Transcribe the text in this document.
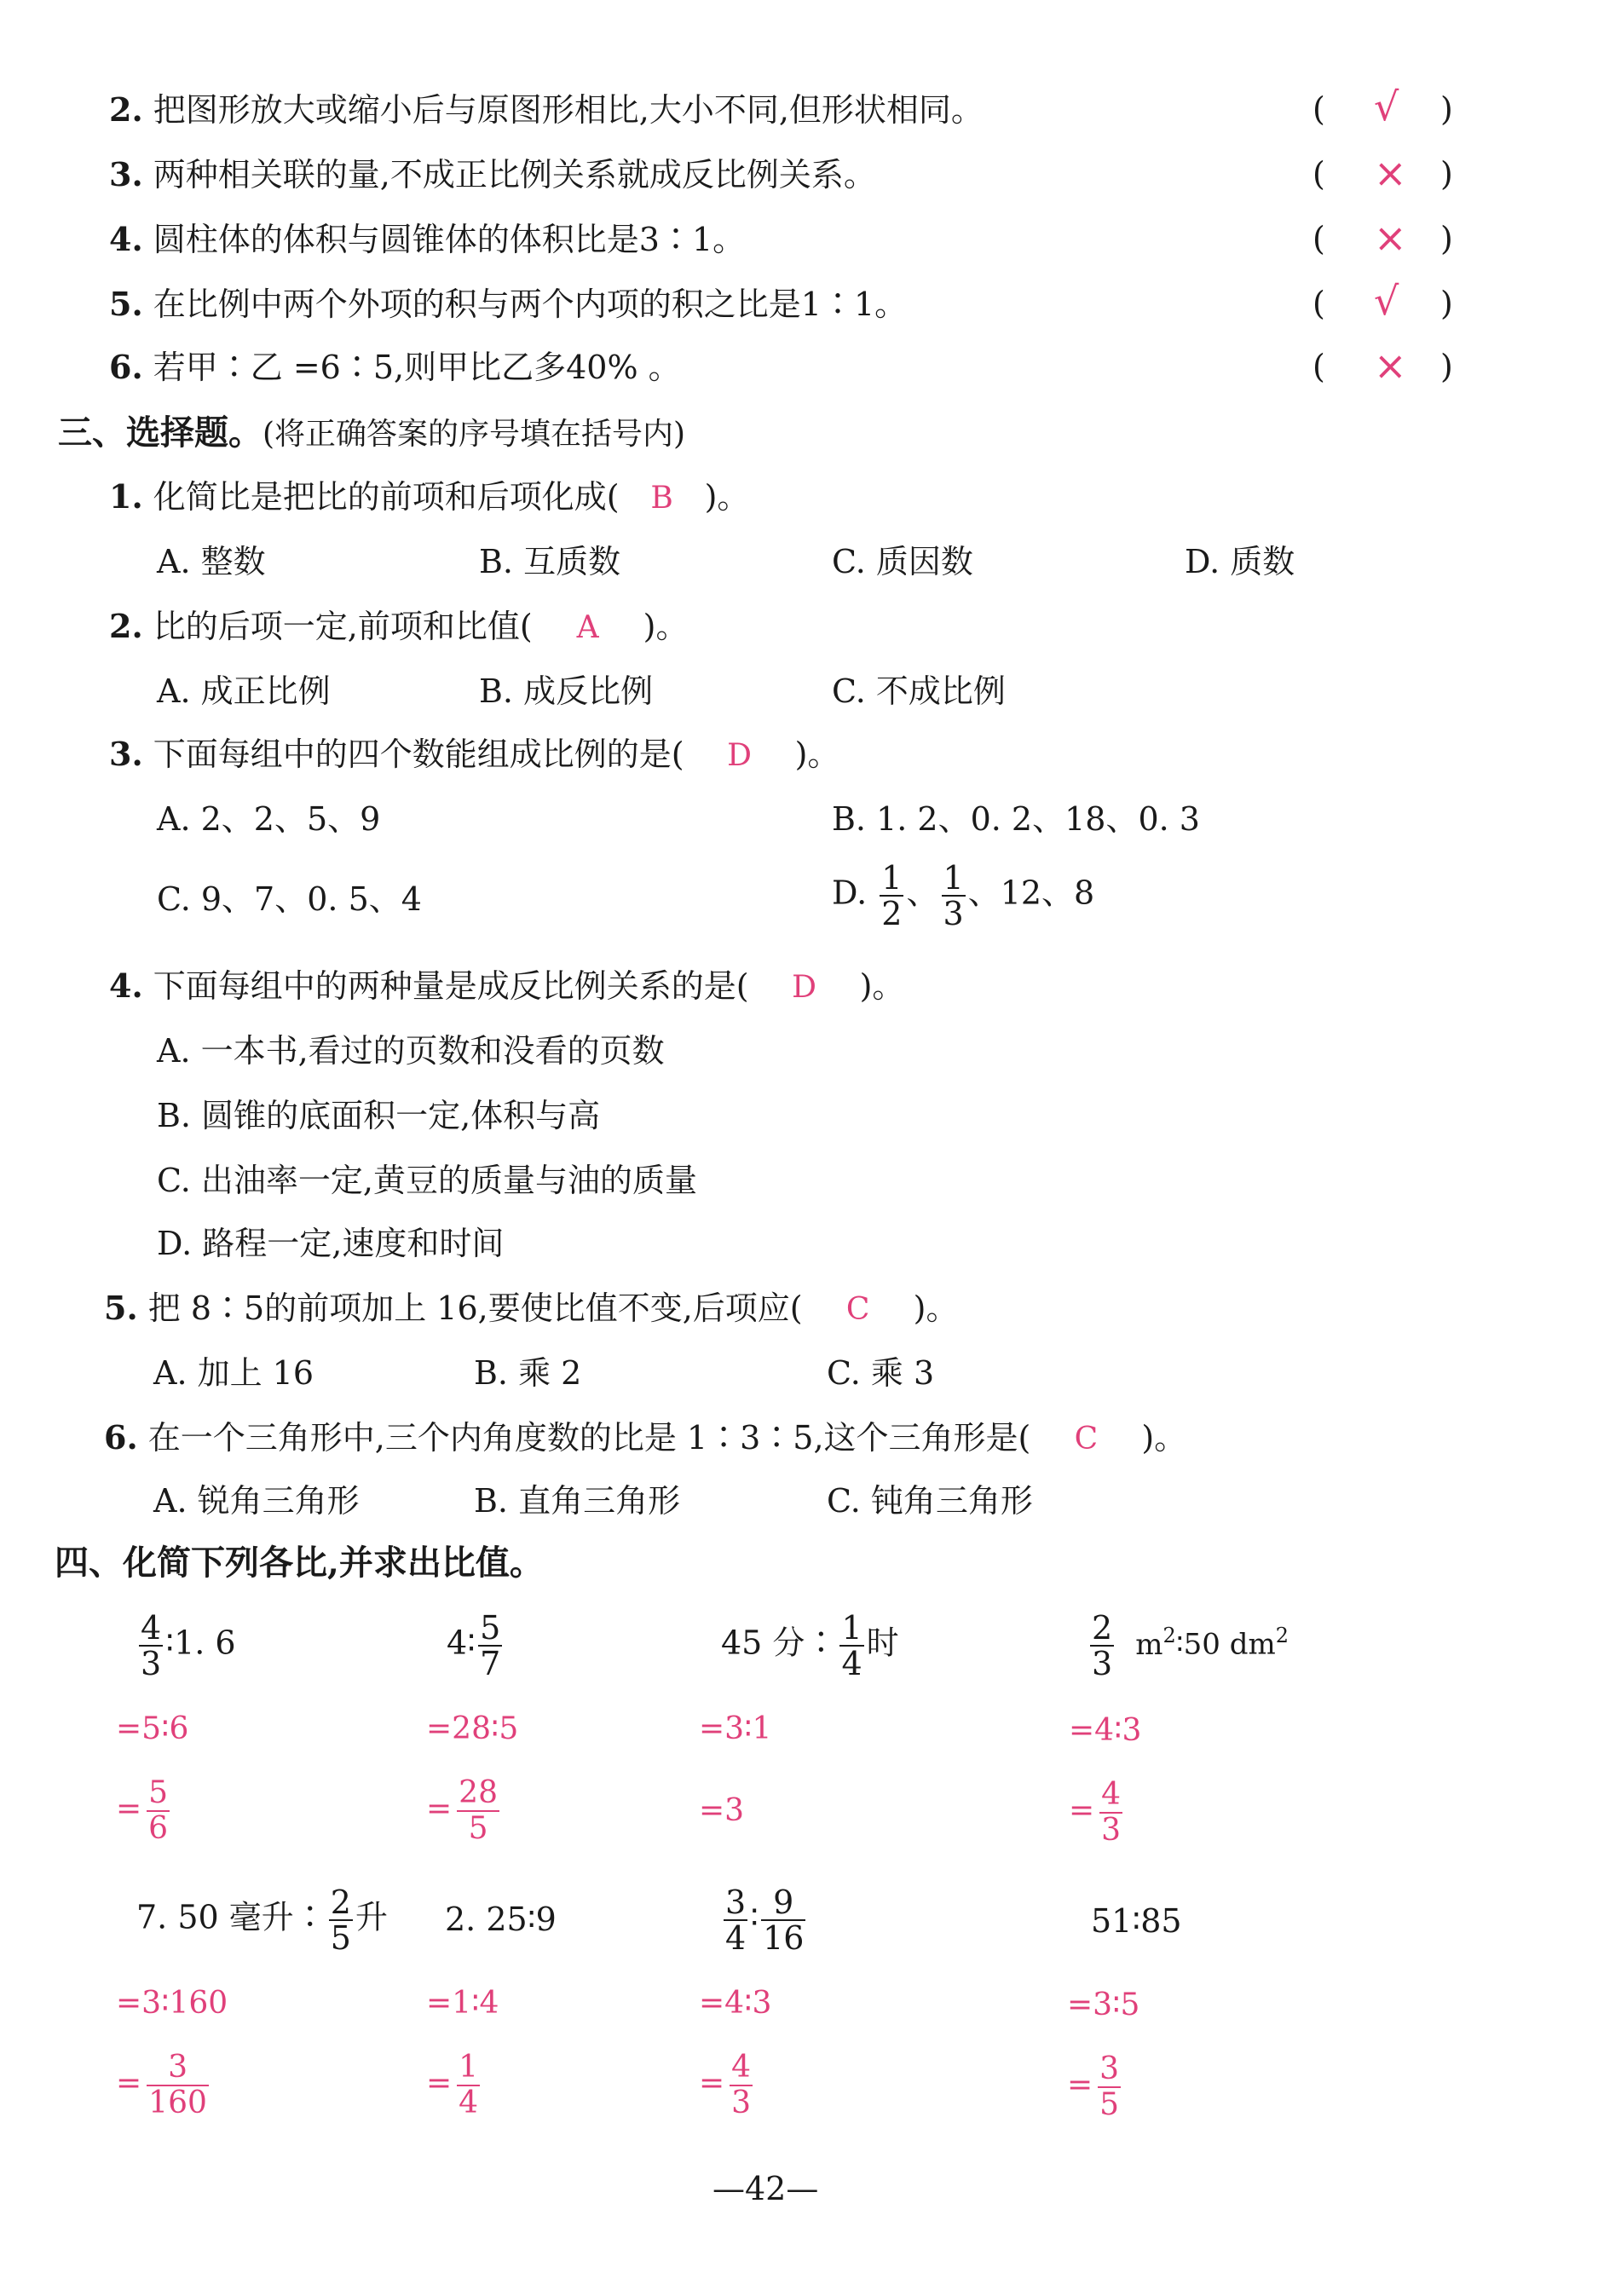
2. 把图形放大或缩小后与原图形相比,大小不同,但形状相同。	( √ )
3. 两种相关联的量,不成正比例关系就成反比例关系。	( × )
4. 圆柱体的体积与圆锥体的体积比是3∶1。	( × )
5. 在比例中两个外项的积与两个内项的积之比是1∶1。	( √ )
6. 若甲∶乙 =6∶5,则甲比乙多40% 。	( × )
三、选择题。(将正确答案的序号填在括号内)
1. 化简比是把比的前项和后项化成( B )。
A. 整数	B. 互质数	C. 质因数	D. 质数
2. 比的后项一定,前项和比值( A )。
A. 成正比例	B. 成反比例	C. 不成比例
3. 下面每组中的四个数能组成比例的是( D )。
A. 2、2、5、9	B. 1. 2、0. 2、18、0. 3
C. 9、7、0. 5、4	D. $\frac{1}{2}$ 、 $\frac{1}{3}$ 、12、8
4. 下面每组中的两种量是成反比例关系的是( D )。
A. 一本书,看过的页数和没看的页数
B. 圆锥的底面积一定,体积与高
C. 出油率一定,黄豆的质量与油的质量
D. 路程一定,速度和时间
5. 把 8∶5的前项加上 16,要使比值不变,后项应( C )。
A. 加上 16	B. 乘 2	C. 乘 3
6. 在一个三角形中,三个内角度数的比是 1∶3∶5,这个三角形是( C )。
A. 锐角三角形	B. 直角三角形	C. 钝角三角形
四、化简下列各比,并求出比值。
$\frac{4}{3}$ ∶1. 6
=5∶6
= $\frac{5}{6}$
4∶ $\frac{5}{7}$
=28∶5
= $\frac{28}{5}$
45 分∶ $\frac{1}{4}$ 时
=3∶1
=3
$\frac{2}{3}$ $m^2∶50$ $dm^2$
=4∶3
= $\frac{4}{3}$
7. 50 毫升∶ $\frac{2}{5}$ 升
=3∶160
= $\frac{3}{160}$
2. 25∶9
=1∶4
= $\frac{1}{4}$
$\frac{3}{4}$ ∶ $\frac{9}{16}$
=4∶3
= $\frac{4}{3}$
51∶85
=3∶5
= $\frac{3}{5}$
—42—
